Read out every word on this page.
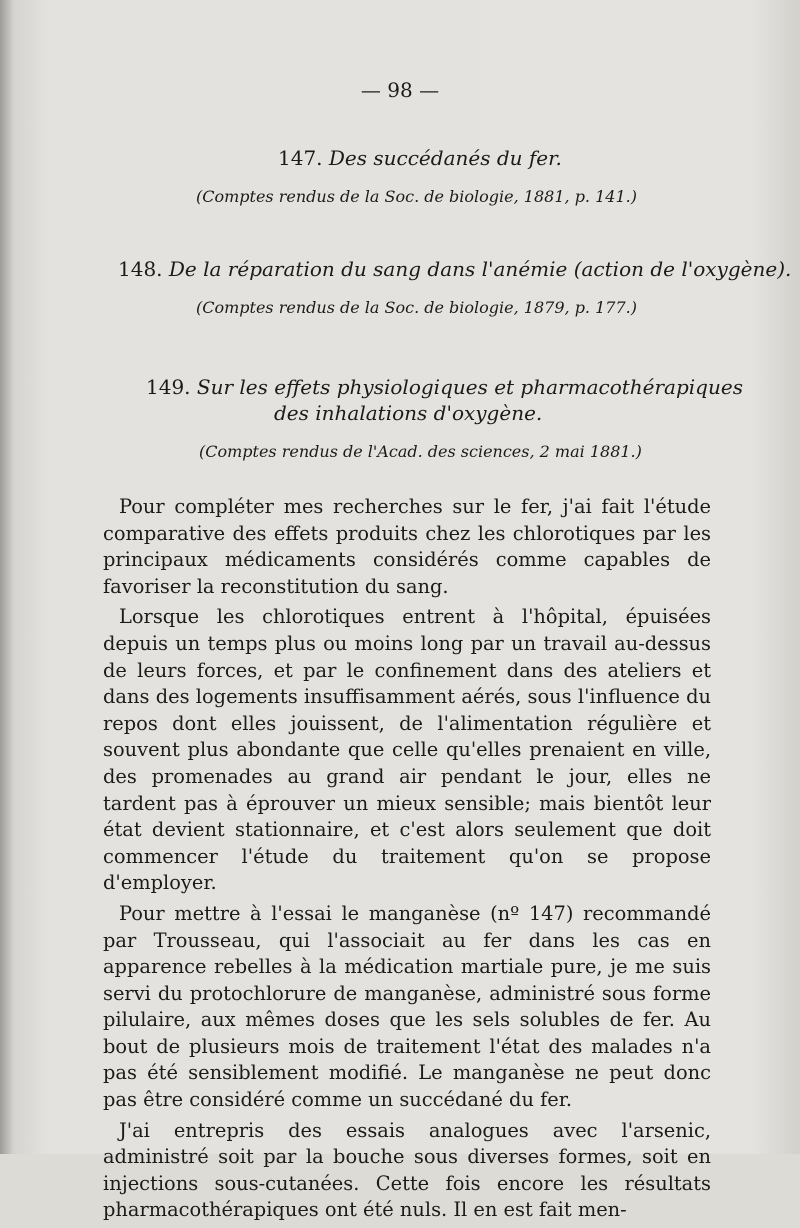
— 98 —
147. Des succédanés du fer.
(Comptes rendus de la Soc. de biologie, 1881, p. 141.)
148. De la réparation du sang dans l'anémie (action de l'oxygène).
(Comptes rendus de la Soc. de biologie, 1879, p. 177.)
149. Sur les effets physiologiques et pharmacothérapiques
des inhalations d'oxygène.
(Comptes rendus de l'Acad. des sciences, 2 mai 1881.)

Pour compléter mes recherches sur le fer, j'ai fait l'étude comparative des effets produits chez les chlorotiques par les principaux médicaments considérés comme capables de favoriser la reconstitution du sang.

Lorsque les chlorotiques entrent à l'hôpital, épuisées depuis un temps plus ou moins long par un travail au-dessus de leurs forces, et par le confinement dans des ateliers et dans des logements insuffisamment aérés, sous l'influence du repos dont elles jouissent, de l'alimentation régulière et souvent plus abondante que celle qu'elles prenaient en ville, des promenades au grand air pendant le jour, elles ne tardent pas à éprouver un mieux sensible; mais bientôt leur état devient stationnaire, et c'est alors seulement que doit commencer l'étude du traitement qu'on se propose d'employer.

Pour mettre à l'essai le manganèse (nº 147) recommandé par Trousseau, qui l'associait au fer dans les cas en apparence rebelles à la médication martiale pure, je me suis servi du protochlorure de manganèse, administré sous forme pilulaire, aux mêmes doses que les sels solubles de fer. Au bout de plusieurs mois de traitement l'état des malades n'a pas été sensiblement modifié. Le manganèse ne peut donc pas être considéré comme un succédané du fer.

J'ai entrepris des essais analogues avec l'arsenic, administré soit par la bouche sous diverses formes, soit en injections sous-cutanées. Cette fois encore les résultats pharmacothérapiques ont été nuls. Il en est fait men-
